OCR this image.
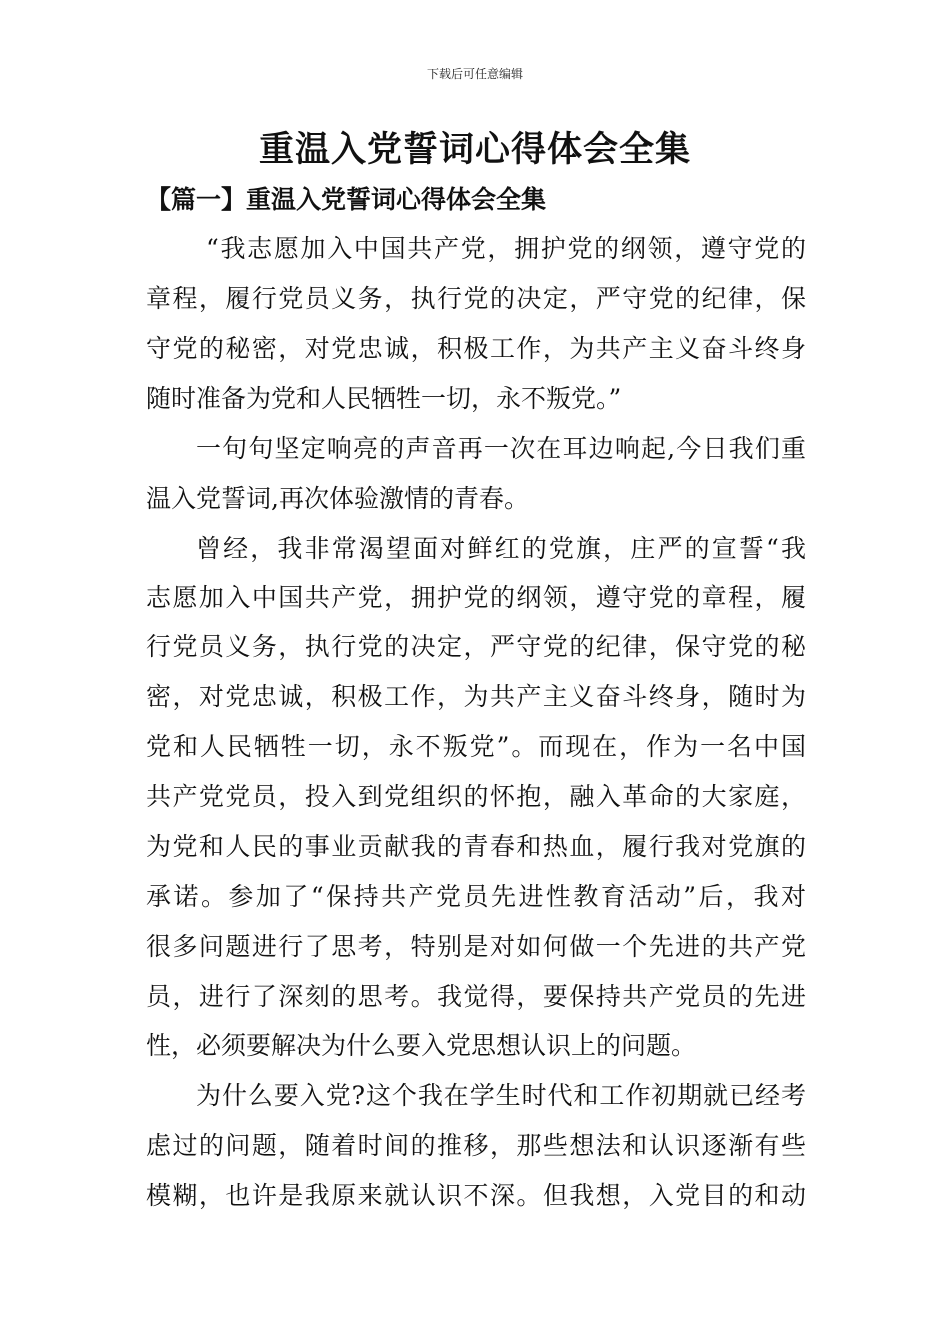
下载后可任意编辑
重温入党誓词心得体会全集
【篇一】重温入党誓词心得体会全集
“我志愿加入中国共产党，拥护党的纲领，遵守党的
章程，履行党员义务，执行党的决定，严守党的纪律，保
守党的秘密，对党忠诚，积极工作，为共产主义奋斗终身
随时准备为党和人民牺牲一切，永不叛党。”
一句句坚定响亮的声音再一次在耳边响起,今日我们重
温入党誓词,再次体验激情的青春。
曾经，我非常渴望面对鲜红的党旗，庄严的宣誓“我
志愿加入中国共产党，拥护党的纲领，遵守党的章程，履
行党员义务，执行党的决定，严守党的纪律，保守党的秘
密，对党忠诚，积极工作，为共产主义奋斗终身，随时为
党和人民牺牲一切，永不叛党”。而现在，作为一名中国
共产党党员，投入到党组织的怀抱，融入革命的大家庭，
为党和人民的事业贡献我的青春和热血，履行我对党旗的
承诺。参加了“保持共产党员先进性教育活动”后，我对
很多问题进行了思考，特别是对如何做一个先进的共产党
员，进行了深刻的思考。我觉得，要保持共产党员的先进
性，必须要解决为什么要入党思想认识上的问题。
为什么要入党?这个我在学生时代和工作初期就已经考
虑过的问题，随着时间的推移，那些想法和认识逐渐有些
模糊，也许是我原来就认识不深。但我想，入党目的和动
